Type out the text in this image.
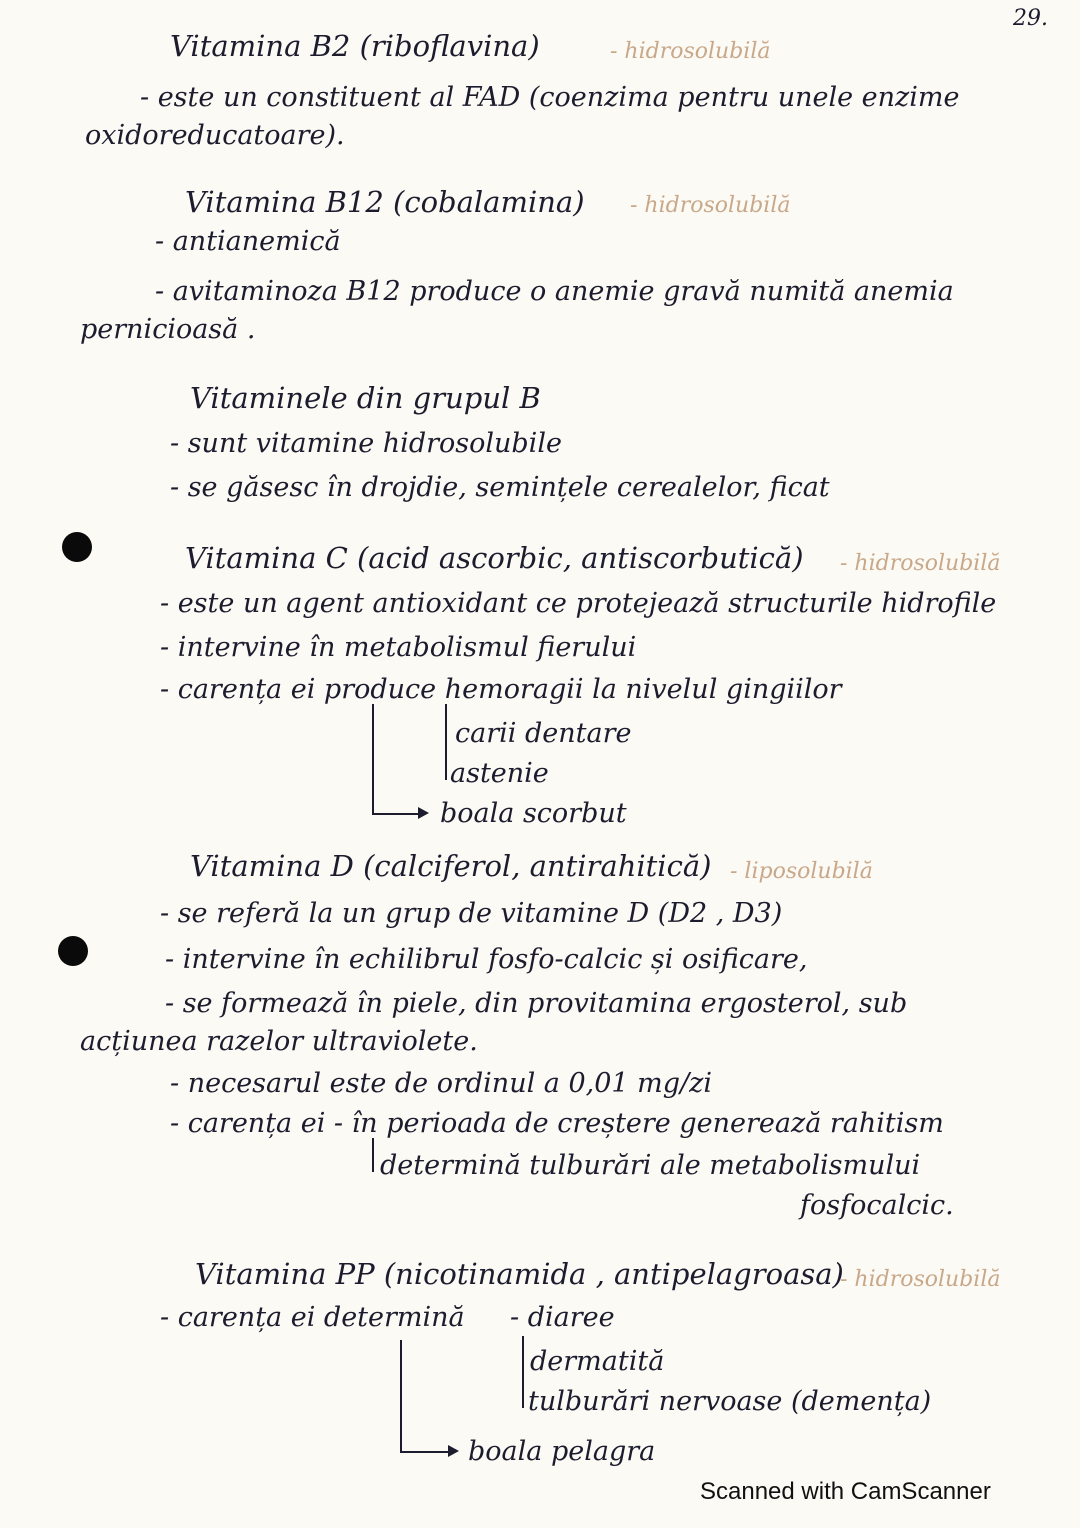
29.
Vitamina B2 (riboflavina)	- hidrosolubilă
- este un constituent al FAD (coenzima pentru unele enzime
oxidoreducatoare).
Vitamina B12 (cobalamina) - hidrosolubilă
- antianemică
- avitaminoza B12 produce o anemie gravă numită anemia
pernicioasă .
Vitaminele din grupul B
- sunt vitamine hidrosolubile
- se găsesc în drojdie, semințele cerealelor, ficat
Vitamina C (acid ascorbic, antiscorbutică) - hidrosolubilă
- este un agent antioxidant ce protejează structurile hidrofile
- intervine în metabolismul fierului
- carența ei produce hemoragii la nivelul gingiilor
carii dentare
astenie
boala scorbut
Vitamina D (calciferol, antirahitică) - liposolubilă
- se referă la un grup de vitamine D (D2 , D3)
- intervine în echilibrul fosfo-calcic și osificare,
- se formează în piele, din provitamina ergosterol, sub
acțiunea razelor ultraviolete.
- necesarul este de ordinul a 0,01 mg/zi
- carența ei - în perioada de creștere generează rahitism
determină tulburări ale metabolismului
fosfocalcic.
Vitamina PP (nicotinamida , antipelagroasa)
- hidrosolubilă
- carența ei determină - diaree
dermatită
tulburări nervoase (demența)
boala pelagra
Scanned with CamScanner
